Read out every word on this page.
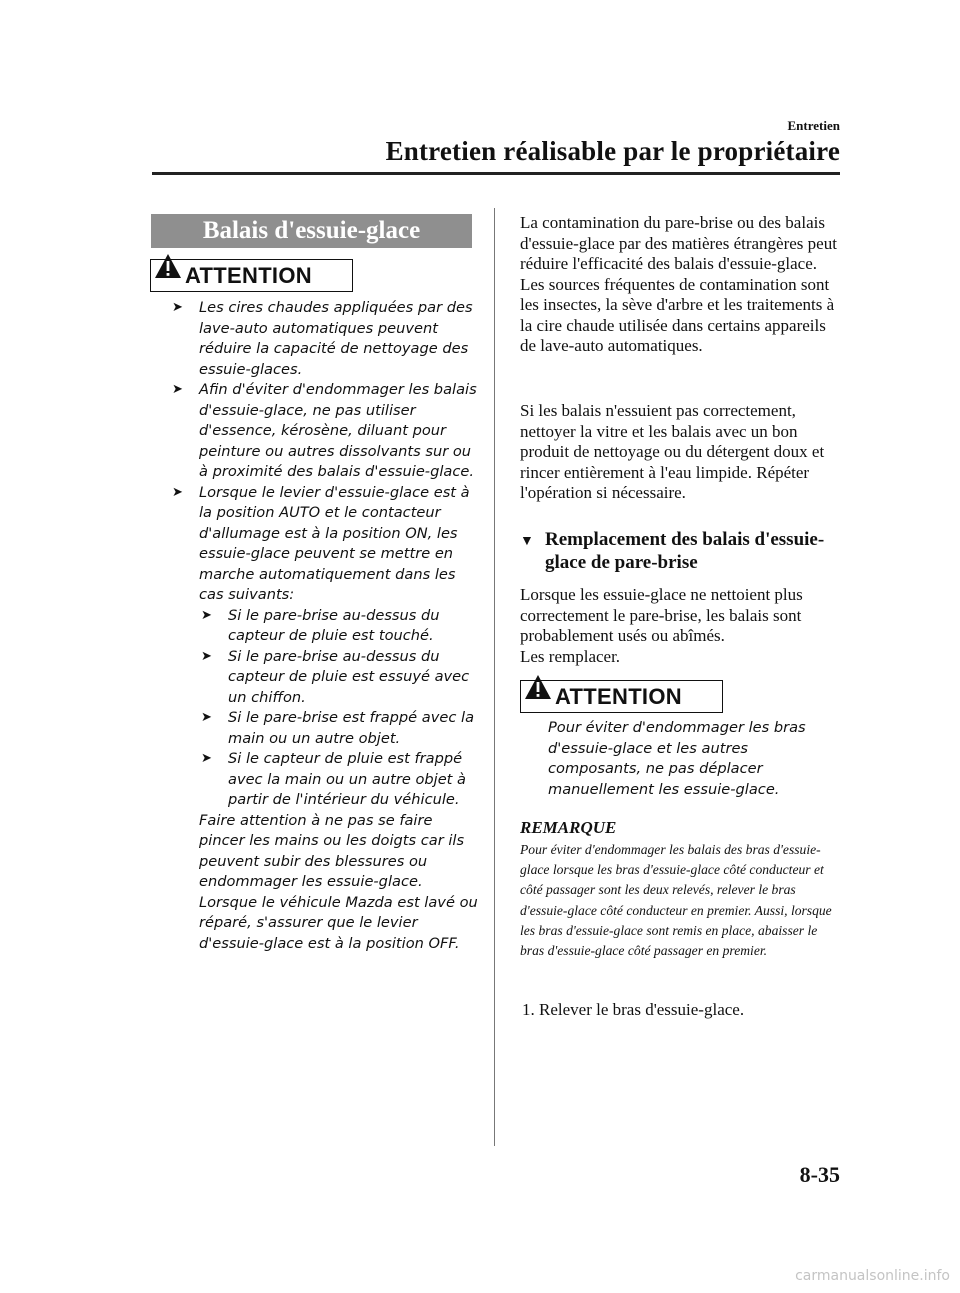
Entretien
Entretien réalisable par le propriétaire
Balais d'essuie-glace
ATTENTION
➤ Les cires chaudes appliquées par des lave-auto automatiques peuvent réduire la capacité de nettoyage des essuie-glaces.
➤ Afin d'éviter d'endommager les balais d'essuie-glace, ne pas utiliser d'essence, kérosène, diluant pour peinture ou autres dissolvants sur ou à proximité des balais d'essuie-glace.
➤ Lorsque le levier d'essuie-glace est à la position AUTO et le contacteur d'allumage est à la position ON, les essuie-glace peuvent se mettre en marche automatiquement dans les cas suivants:
➤ Si le pare-brise au-dessus du capteur de pluie est touché.
➤ Si le pare-brise au-dessus du capteur de pluie est essuyé avec un chiffon.
➤ Si le pare-brise est frappé avec la main ou un autre objet.
➤ Si le capteur de pluie est frappé avec la main ou un autre objet à partir de l'intérieur du véhicule.
Faire attention à ne pas se faire pincer les mains ou les doigts car ils peuvent subir des blessures ou endommager les essuie-glace.
Lorsque le véhicule Mazda est lavé ou réparé, s'assurer que le levier d'essuie-glace est à la position OFF.

La contamination du pare-brise ou des balais d'essuie-glace par des matières étrangères peut réduire l'efficacité des balais d'essuie-glace. Les sources fréquentes de contamination sont les insectes, la sève d'arbre et les traitements à la cire chaude utilisée dans certains appareils de lave-auto automatiques.

Si les balais n'essuient pas correctement, nettoyer la vitre et les balais avec un bon produit de nettoyage ou du détergent doux et rincer entièrement à l'eau limpide. Répéter l'opération si nécessaire.

▼ Remplacement des balais d'essuie-glace de pare-brise
Lorsque les essuie-glace ne nettoient plus correctement le pare-brise, les balais sont probablement usés ou abîmés.
Les remplacer.
ATTENTION

Pour éviter d'endommager les bras d'essuie-glace et les autres composants, ne pas déplacer manuellement les essuie-glace.

REMARQUE

Pour éviter d'endommager les balais des bras d'essuie-glace lorsque les bras d'essuie-glace côté conducteur et côté passager sont les deux relevés, relever le bras d'essuie-glace côté conducteur en premier. Aussi, lorsque les bras d'essuie-glace sont remis en place, abaisser le bras d'essuie-glace côté passager en premier.

1. Relever le bras d'essuie-glace.
8-35
carmanualsonline.info
